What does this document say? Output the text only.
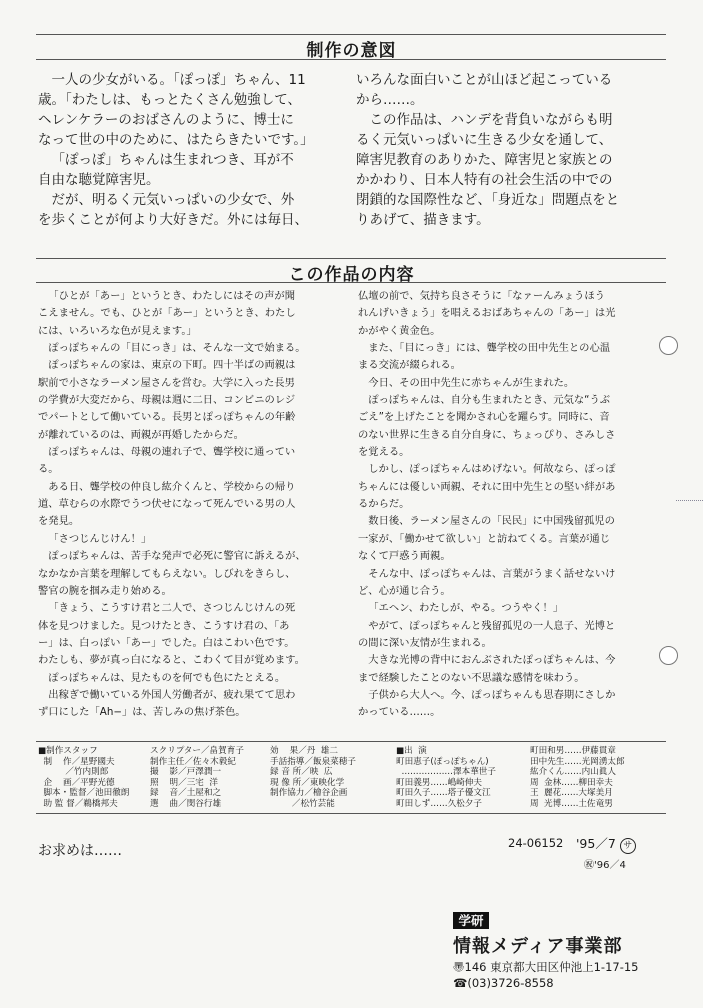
制作の意図

一人の少女がいる。「ぽっぽ」ちゃん、11
歳。「わたしは、もっとたくさん勉強して、
ヘレンケラーのおばさんのように、博士に
なって世の中のために、はたらきたいです。」

「ぽっぽ」ちゃんは生まれつき、耳が不
自由な聴覚障害児。

だが、明るく元気いっぱいの少女で、外
を歩くことが何より大好きだ。外には毎日、

いろんな面白いことが山ほど起こっている
から……。

この作品は、ハンデを背負いながらも明
るく元気いっぱいに生きる少女を通して、
障害児教育のありかた、障害児と家族との
かかわり、日本人特有の社会生活の中での
閉鎖的な国際性など、「身近な」問題点をと
りあげて、描きます。

この作品の内容

「ひとが「あー」というとき、わたしにはその声が聞
こえません。でも、ひとが「あー」というとき、わたし
には、いろいろな色が見えます。」

ぽっぽちゃんの「目にっき」は、そんな一文で始まる。

ぽっぽちゃんの家は、東京の下町。四十半ばの両親は
駅前で小さなラーメン屋さんを営む。大学に入った長男
の学費が大変だから、母親は週に二日、コンビニのレジ
でパートとして働いている。長男とぽっぽちゃんの年齢
が離れているのは、両親が再婚したからだ。

ぽっぽちゃんは、母親の連れ子で、聾学校に通ってい
る。

ある日、聾学校の仲良し紘介くんと、学校からの帰り
道、草むらの水際でうつ伏せになって死んでいる男の人
を発見。

「さつじんじけん！」

ぽっぽちゃんは、苦手な発声で必死に警官に訴えるが、
なかなか言葉を理解してもらえない。しびれをきらし、
警官の腕を掴み走り始める。

「きょう、こうすけ君と二人で、さつじんじけんの死
体を見つけました。見つけたとき、こうすけ君の、「あ
ー」は、白っぽい「あー」でした。白はこわい色です。
わたしも、夢が真っ白になると、こわくて目が覚めます。

ぽっぽちゃんは、見たものを何でも色にたとえる。

出稼ぎで働いている外国人労働者が、疲れ果てて思わ
ず口にした「Ah−」は、苦しみの焦げ茶色。

仏壇の前で、気持ち良さそうに「なァーんみょうほう
れんげいきょう」を唱えるおばあちゃんの「あー」は光
かがやく黄金色。

また、「目にっき」には、聾学校の田中先生との心温
まる交流が綴られる。

今日、その田中先生に赤ちゃんが生まれた。

ぽっぽちゃんは、自分も生まれたとき、元気な“うぶ
ごえ”を上げたことを聞かされ心を躍らす。同時に、音
のない世界に生きる自分自身に、ちょっぴり、さみしさ
を覚える。

しかし、ぽっぽちゃんはめげない。何故なら、ぽっぽ
ちゃんには優しい両親、それに田中先生との堅い絆があ
るからだ。

数日後、ラーメン屋さんの「民民」に中国残留孤児の
一家が、「働かせて欲しい」と訪ねてくる。言葉が通じ
なくて戸惑う両親。

そんな中、ぽっぽちゃんは、言葉がうまく話せないけ
ど、心が通じ合う。

「エヘン、わたしが、やる。つうやく！」

やがて、ぽっぽちゃんと残留孤児の一人息子、光博と
の間に深い友情が生まれる。

大きな光博の背中におんぶされたぽっぽちゃんは、今
まで経験したことのない不思議な感情を味わう。

子供から大人へ。今、ぽっぽちゃんも思春期にさしか
かっている……。

■制作スタッフ
制    作／星野國夫
／竹内則郎
企    画／平野光德
脚本・監督／池田徹朗
助 監 督／鵜橋邦夫
スクリプター／畠賀育子
制作主任／佐々木毅紀
撮    影／戸澤潤一
照    明／三宅  洋
録    音／土屋和之
選    曲／閔谷行雄
効    果／丹  雄二
手話指導／飯泉菜穂子
録 音 所／映  広
現 像 所／東映化学
制作協力／檜谷企画
／松竹芸能
■出  演
町田恵子(ぽっぽちゃん)
………………澤本華世子
町田義男……嶋崎伸夫
町田久子……塔子優文江
町田しず……久松夕子
町田和男……伊藤貫章
田中先生……光岡湧太郎
紘介くん……内山眞人
周  金林……柳田幸夫
王  麗花……大塚美月
周  光博……土佐竜男
お求めは……	24-06152 '95／7 サ
㊗'96／4
学研
情報メディア事業部
〠146 東京都大田区仲池上1-17-15
☎(03)3726-8558
